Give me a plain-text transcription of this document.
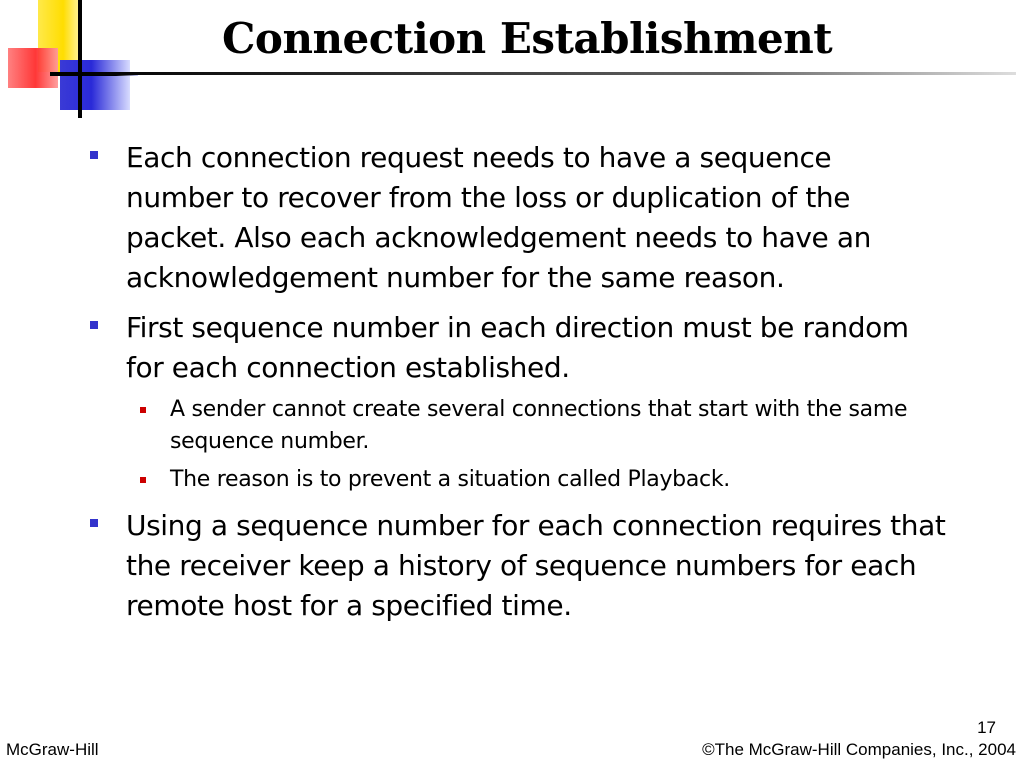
Connection Establishment
Each connection request needs to have a sequence number to recover from the loss or duplication of the packet. Also each acknowledgement needs to have an acknowledgement number for the same reason.
First sequence number in each direction must be random for each connection established.
A sender cannot create several connections that start with the same sequence number.
The reason is to prevent a situation called Playback.
Using a sequence number for each connection requires that the receiver keep a history of sequence numbers for each remote host for a specified time.
17
McGraw-Hill	©The McGraw-Hill Companies, Inc., 2004
